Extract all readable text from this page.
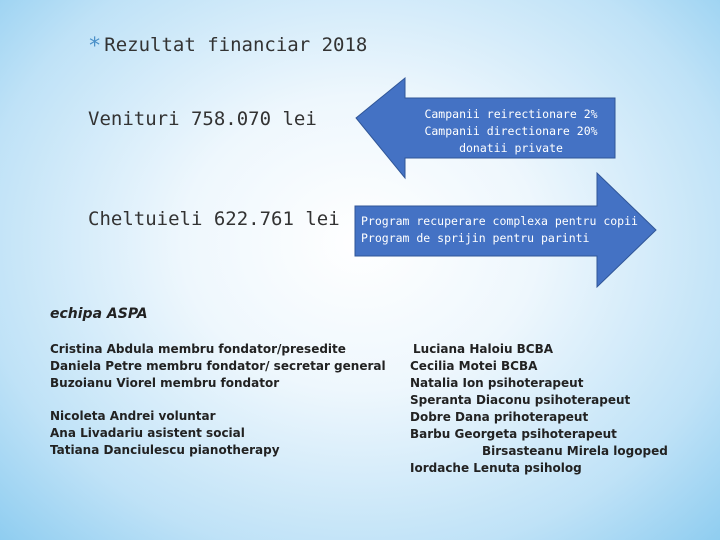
* Rezultat financiar 2018
Venituri 758.070 lei
Cheltuieli 622.761 lei
Campanii reirectionare 2%
Campanii directionare 20%
donatii private
Program recuperare complexa pentru copii
Program de sprijin pentru parinti
echipa ASPA
Cristina Abdula membru fondator/presedite
Daniela Petre membru fondator/ secretar general
Buzoianu Viorel membru fondator
Nicoleta Andrei voluntar
Ana Livadariu asistent social
Tatiana Danciulescu pianotherapy
Luciana Haloiu BCBA
Cecilia Motei BCBA
Natalia Ion psihoterapeut
Speranta Diaconu psihoterapeut
Dobre Dana prihoterapeut
Barbu Georgeta psihoterapeut
Birsasteanu Mirela logoped
Iordache Lenuta psiholog
